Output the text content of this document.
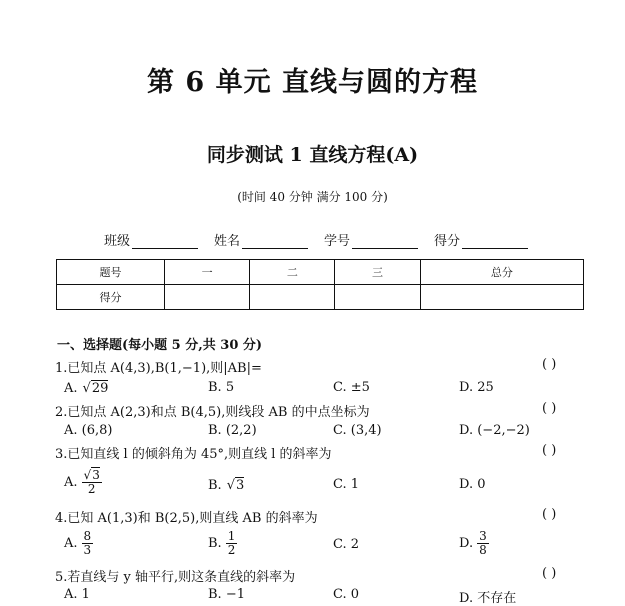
第 6 单元 直线与圆的方程
同步测试 1 直线方程(A)
(时间 40 分钟 满分 100 分)
班级	姓名	学号	得分
题号	一	二	三	总分
得分				
一、选择题(每小题 5 分,共 30 分)
1.已知点 A(4,3),B(1,−1),则|AB|=	( )
A. √ 29	B. 5	C. ±5	D. 25
2.已知点 A(2,3)和点 B(4,5),则线段 AB 的中点坐标为	( )
A. (6,8)	B. (2,2)	C. (3,4)	D. (−2,−2)
3.已知直线 l 的倾斜角为 45°,则直线 l 的斜率为	( )
A. $\frac{√3}{2}$	B. √ 3	C. 1	D. 0
4.已知 A(1,3)和 B(2,5),则直线 AB 的斜率为	( )
A. $\frac{8}{3}$	B. $\frac{1}{2}$	C. 2	D. $\frac{3}{8}$
5.若直线与 y 轴平行,则这条直线的斜率为	( )
A. 1	B. −1	C. 0	D. 不存在
